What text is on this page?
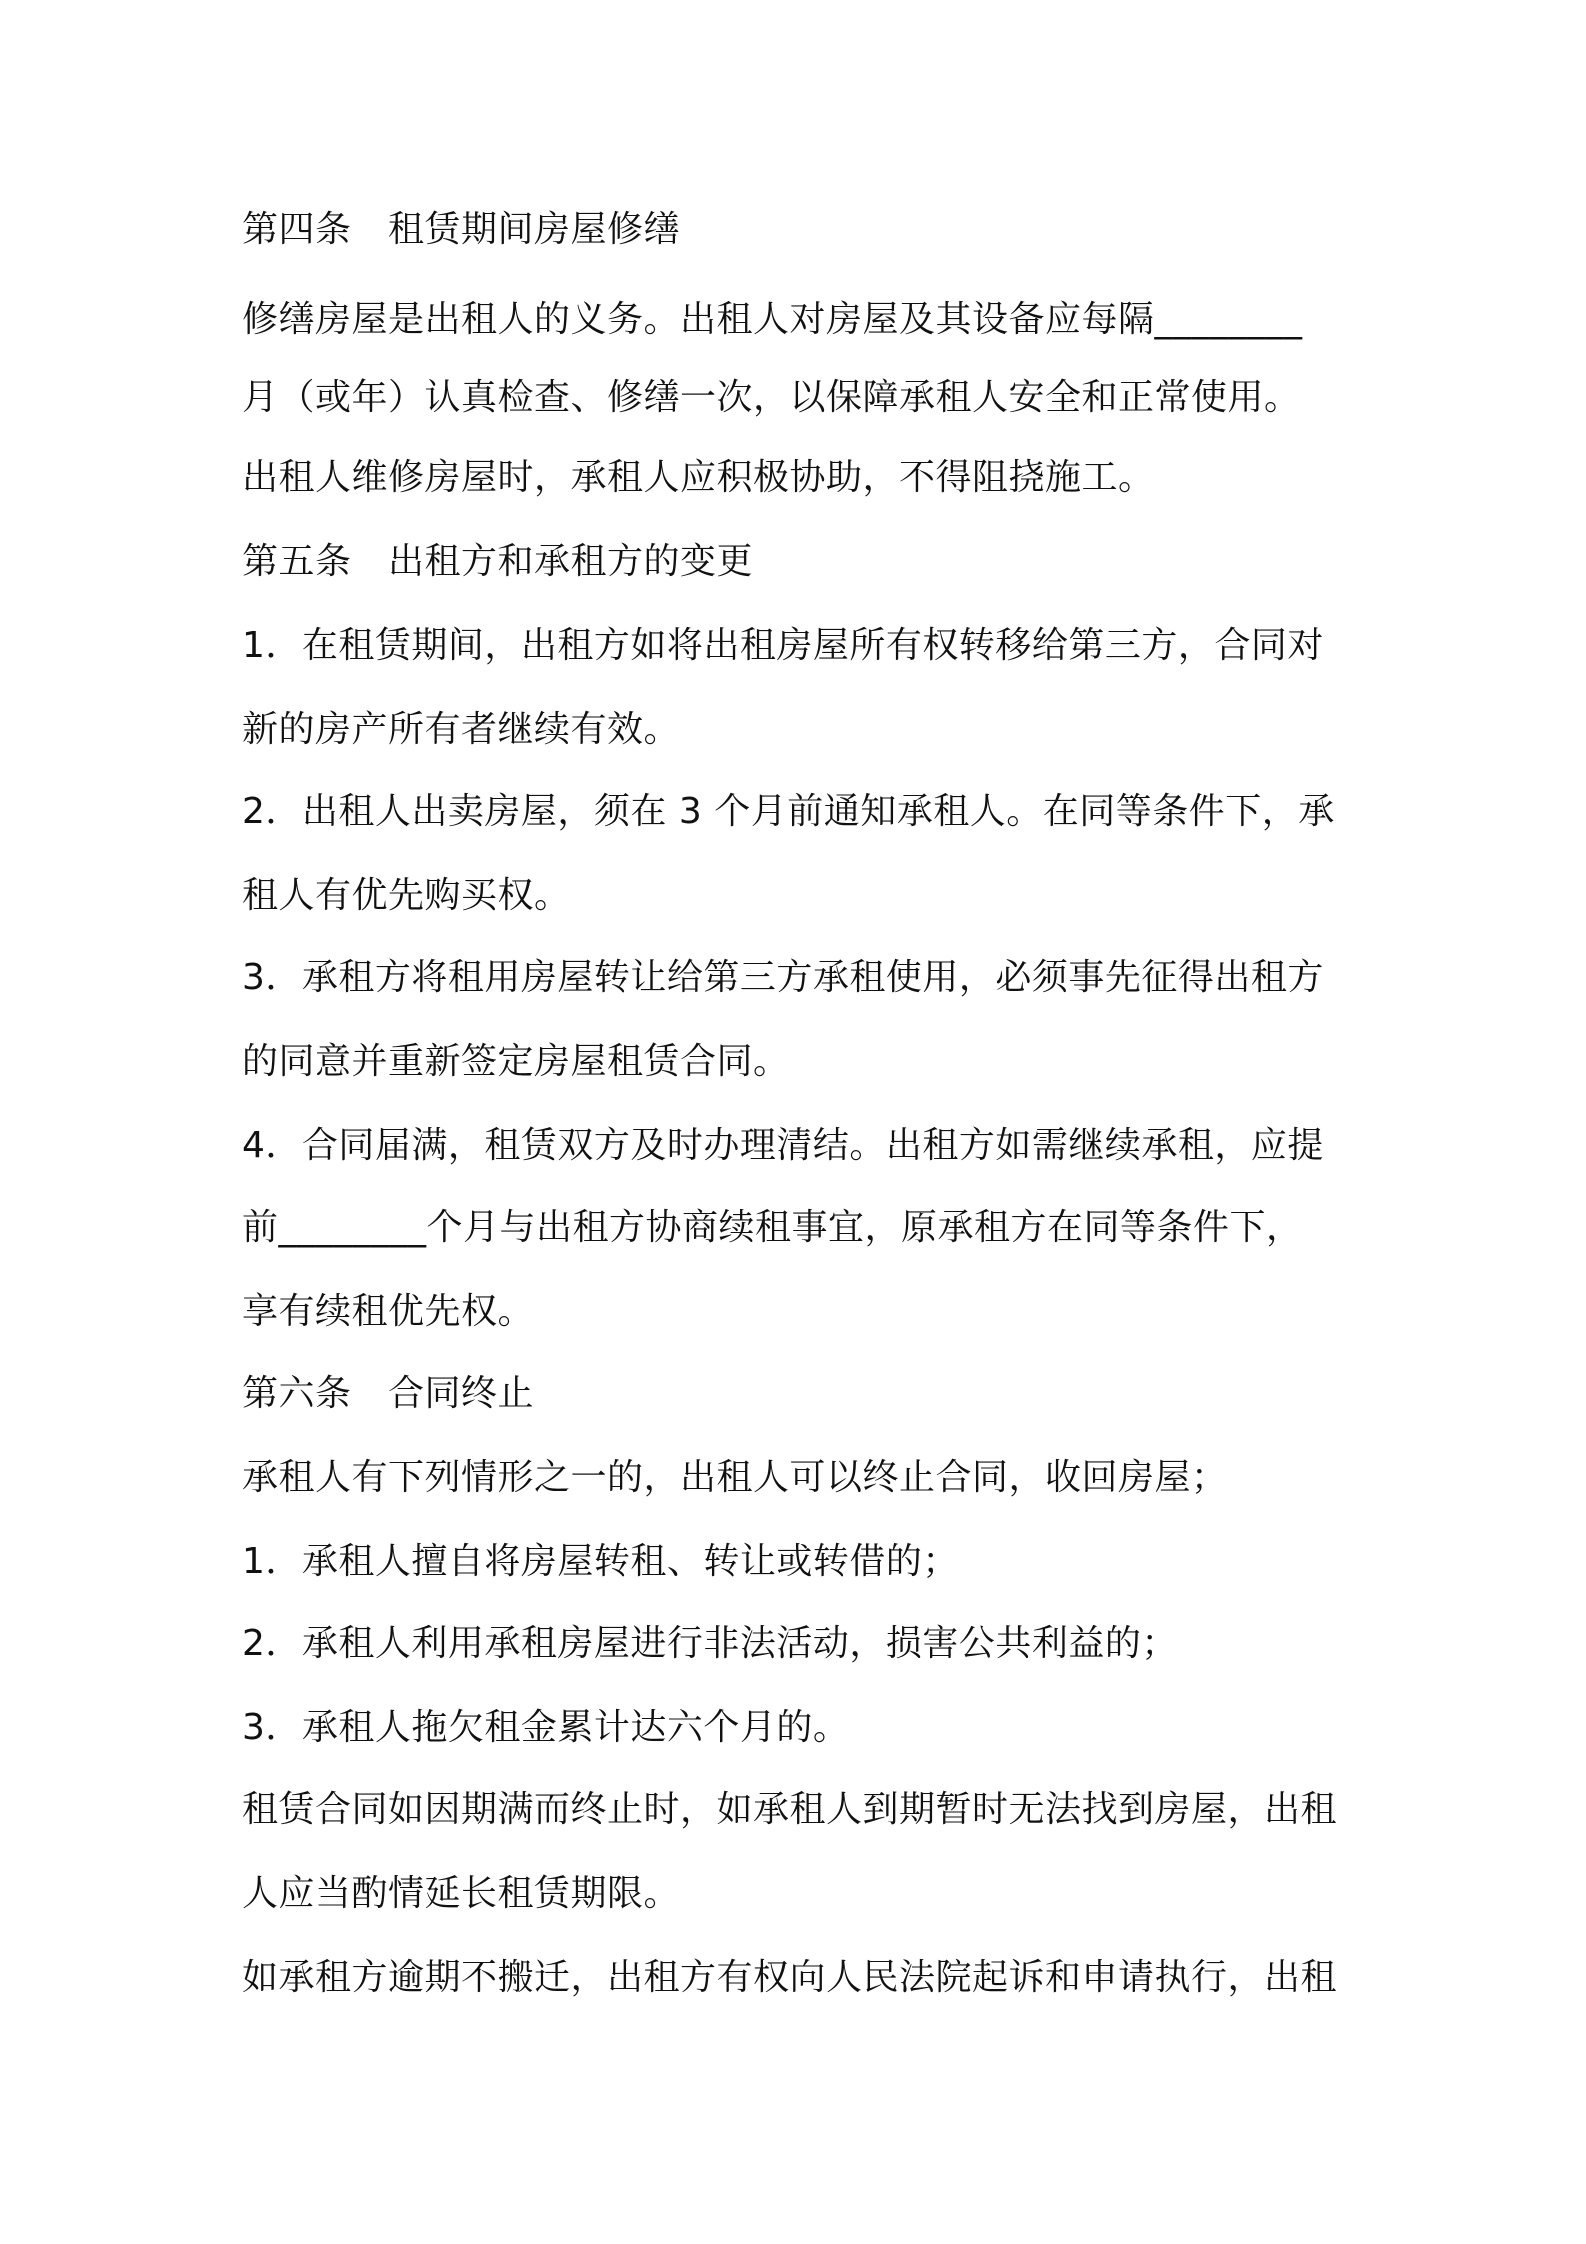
第四条　租赁期间房屋修缮
修缮房屋是出租人的义务。出租人对房屋及其设备应每隔________
月（或年）认真检查、修缮一次，以保障承租人安全和正常使用。
出租人维修房屋时，承租人应积极协助，不得阻挠施工。
第五条　出租方和承租方的变更
1．在租赁期间，出租方如将出租房屋所有权转移给第三方，合同对
新的房产所有者继续有效。
2．出租人出卖房屋，须在 3 个月前通知承租人。在同等条件下，承
租人有优先购买权。
3．承租方将租用房屋转让给第三方承租使用，必须事先征得出租方
的同意并重新签定房屋租赁合同。
4．合同届满，租赁双方及时办理清结。出租方如需继续承租，应提
前________个月与出租方协商续租事宜，原承租方在同等条件下，
享有续租优先权。
第六条　合同终止
承租人有下列情形之一的，出租人可以终止合同，收回房屋；
1．承租人擅自将房屋转租、转让或转借的；
2．承租人利用承租房屋进行非法活动，损害公共利益的；
3．承租人拖欠租金累计达六个月的。
租赁合同如因期满而终止时，如承租人到期暂时无法找到房屋，出租
人应当酌情延长租赁期限。
如承租方逾期不搬迁，出租方有权向人民法院起诉和申请执行，出租
